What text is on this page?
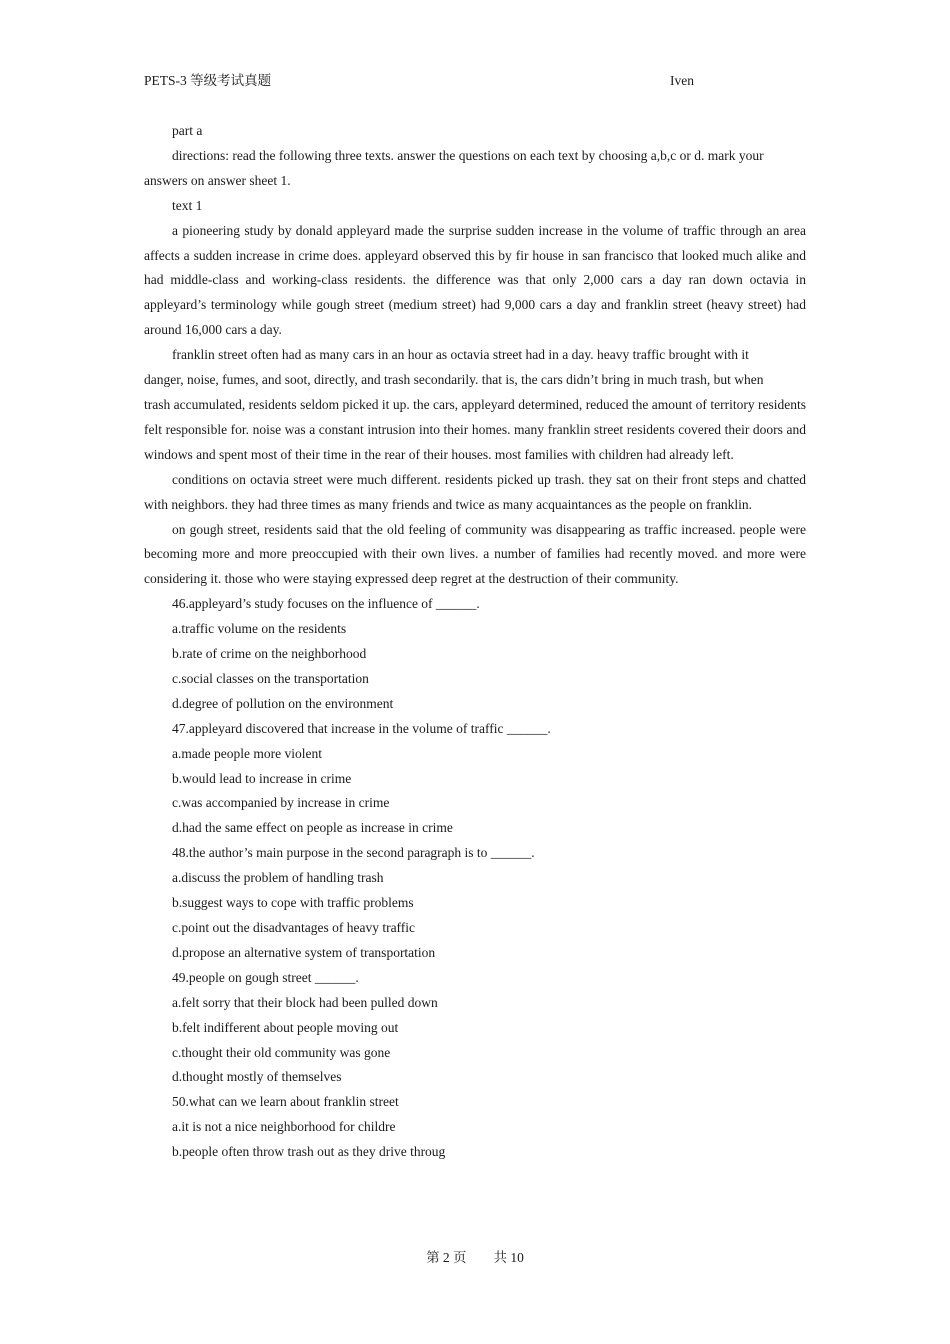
PETS-3 等级考试真题	Iven

part a

directions: read the following three texts. answer the questions on each text by choosing a,b,c or d. mark your

answers on answer sheet 1.

text 1

a pioneering study by donald appleyard made the surprise sudden increase in the volume of traffic through an area affects a sudden increase in crime does. appleyard observed this by fir house in san francisco that looked much alike and had middle-class and working-class residents. the difference was that only 2,000 cars a day ran down octavia in appleyard’s terminology while gough street (medium street) had 9,000 cars a day and franklin street (heavy street) had around 16,000 cars a day.

franklin street often had as many cars in an hour as octavia street had in a day. heavy traffic brought with it

danger, noise, fumes, and soot, directly, and trash secondarily. that is, the cars didn’t bring in much trash, but when

trash accumulated, residents seldom picked it up. the cars, appleyard determined, reduced the amount of territory residents felt responsible for. noise was a constant intrusion into their homes. many franklin street residents covered their doors and windows and spent most of their time in the rear of their houses. most families with children had already left.

conditions on octavia street were much different. residents picked up trash. they sat on their front steps and chatted with neighbors. they had three times as many friends and twice as many acquaintances as the people on franklin.

on gough street, residents said that the old feeling of community was disappearing as traffic increased. people were becoming more and more preoccupied with their own lives. a number of families had recently moved. and more were considering it. those who were staying expressed deep regret at the destruction of their community.

46.appleyard’s study focuses on the influence of ______.

a.traffic volume on the residents

b.rate of crime on the neighborhood

c.social classes on the transportation

d.degree of pollution on the environment

47.appleyard discovered that increase in the volume of traffic ______.

a.made people more violent

b.would lead to increase in crime

c.was accompanied by increase in crime

d.had the same effect on people as increase in crime

48.the author’s main purpose in the second paragraph is to ______.

a.discuss the problem of handling trash

b.suggest ways to cope with traffic problems

c.point out the disadvantages of heavy traffic

d.propose an alternative system of transportation

49.people on gough street ______.

a.felt sorry that their block had been pulled down

b.felt indifferent about people moving out

c.thought their old community was gone

d.thought mostly of themselves

50.what can we learn about franklin street

a.it is not a nice neighborhood for childre

b.people often throw trash out as they drive throug

第 2 页        共 10
